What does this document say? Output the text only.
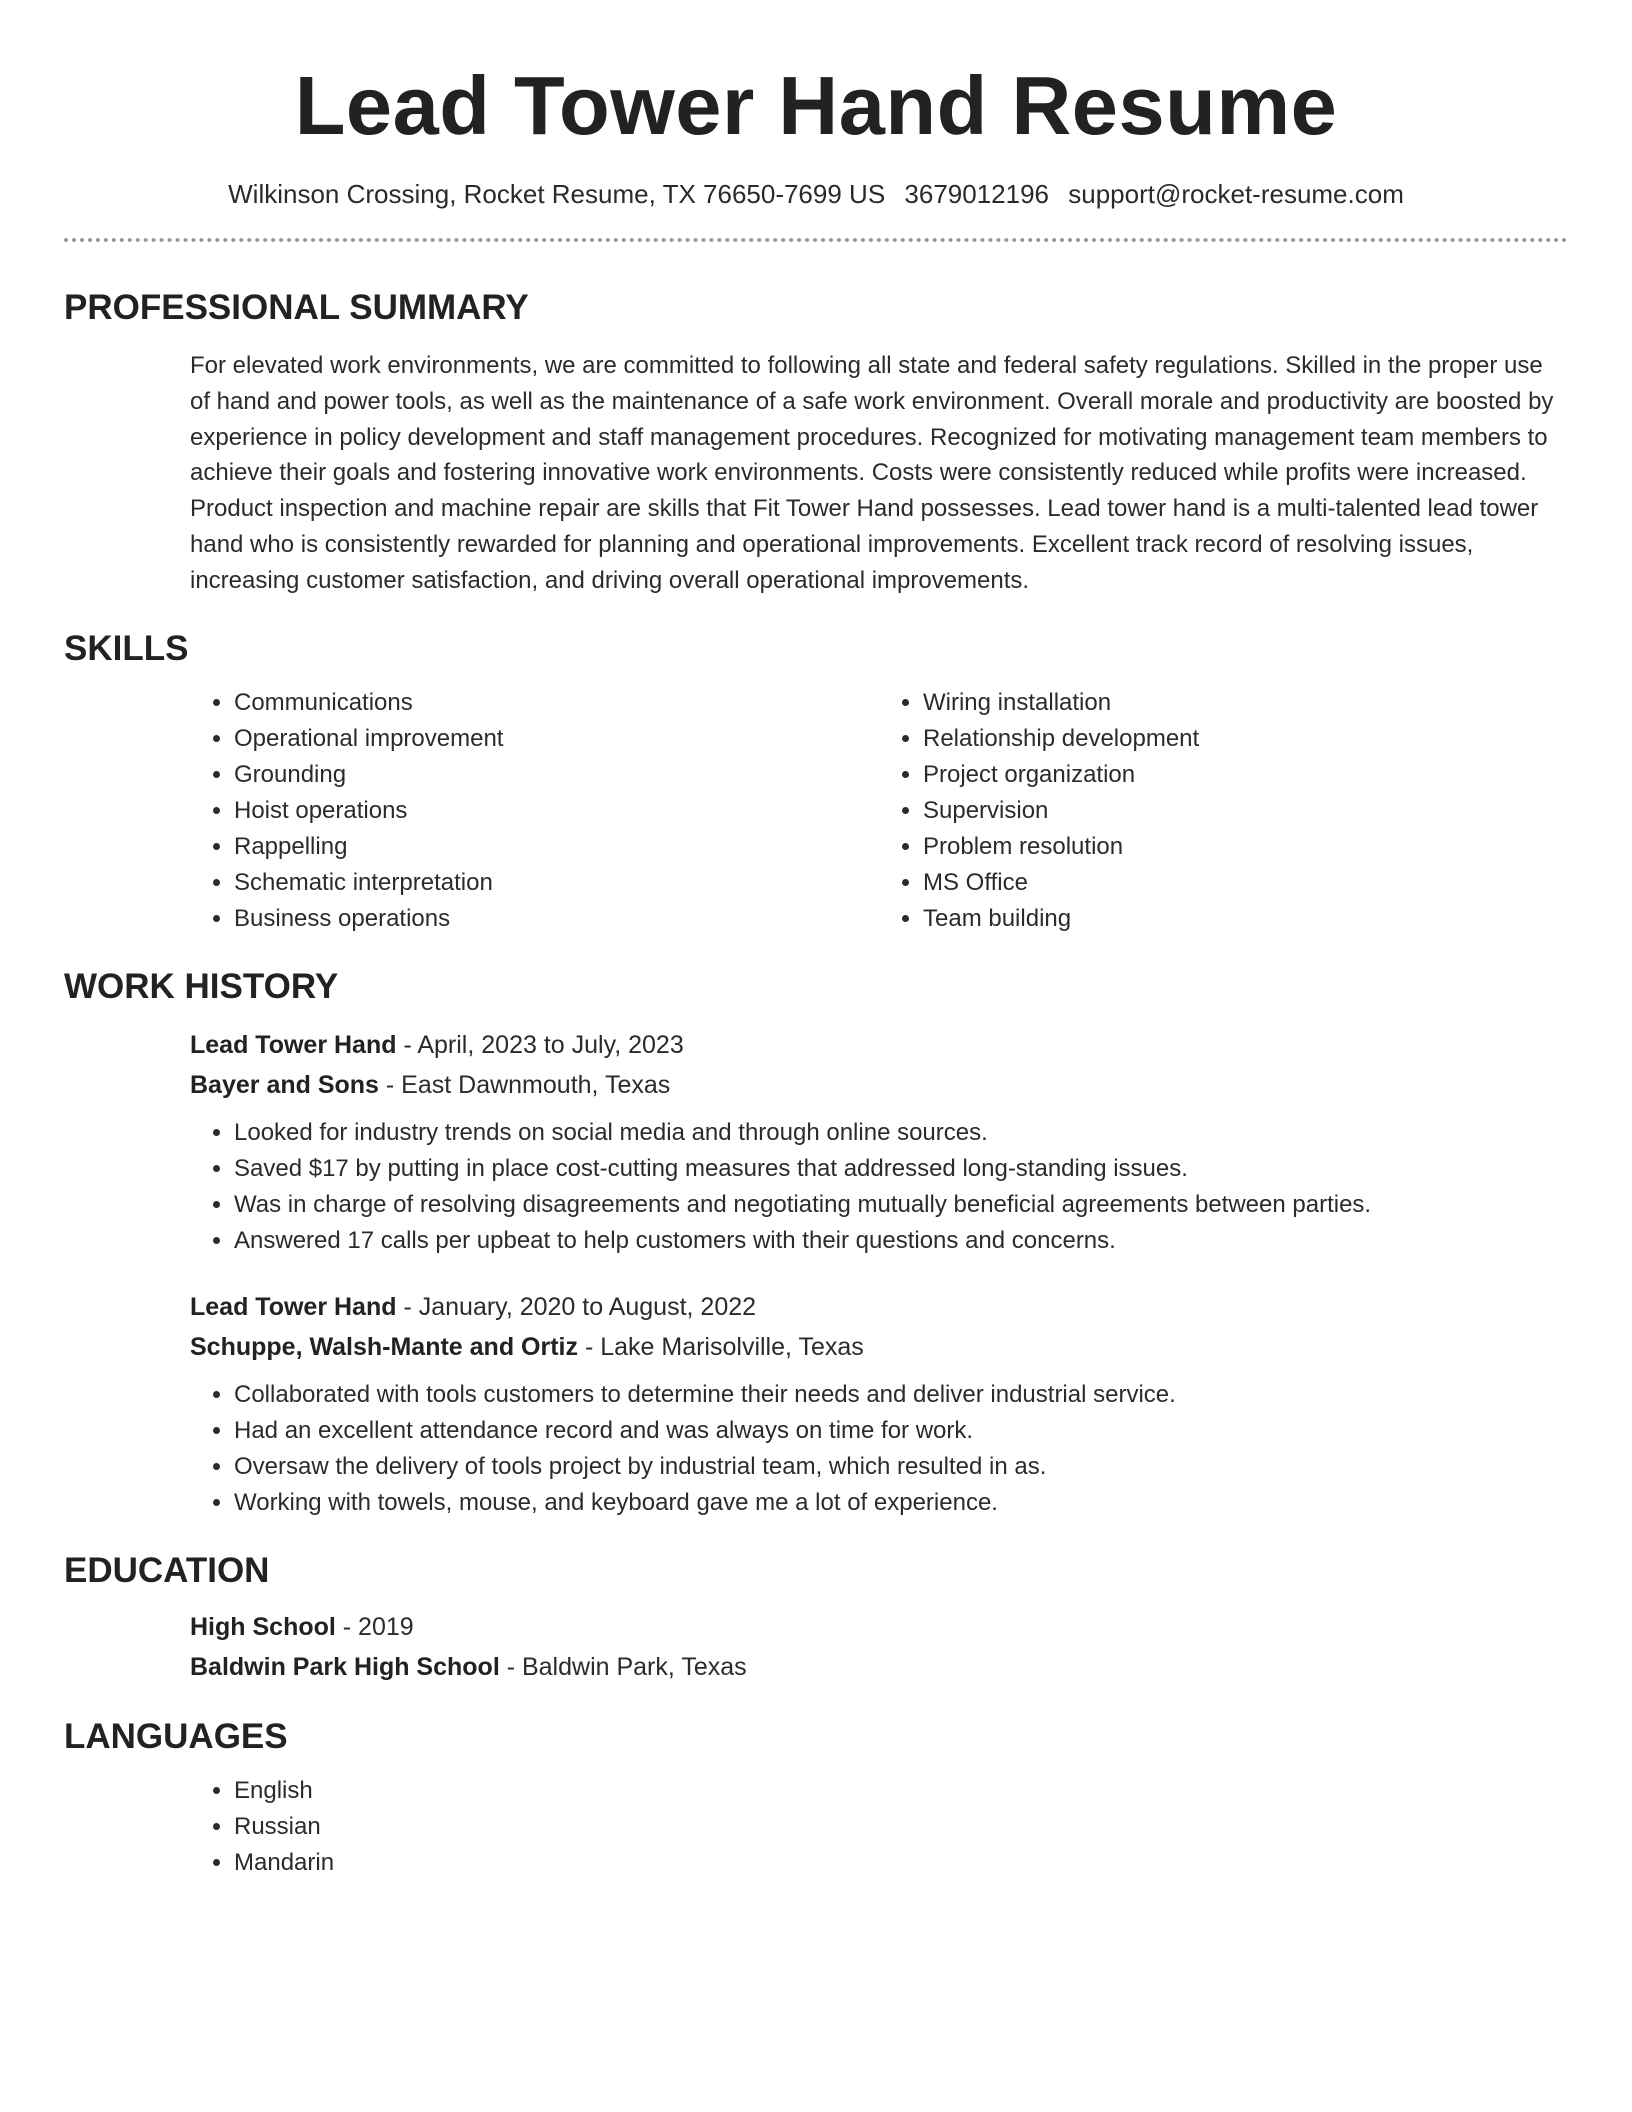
Lead Tower Hand Resume
Wilkinson Crossing, Rocket Resume, TX 76650-7699 US 3679012196 support@rocket-resume.com
PROFESSIONAL SUMMARY

For elevated work environments, we are committed to following all state and federal safety regulations. Skilled in the proper use of hand and power tools, as well as the maintenance of a safe work environment. Overall morale and productivity are boosted by experience in policy development and staff management procedures. Recognized for motivating management team members to achieve their goals and fostering innovative work environments. Costs were consistently reduced while profits were increased. Product inspection and machine repair are skills that Fit Tower Hand possesses. Lead tower hand is a multi-talented lead tower hand who is consistently rewarded for planning and operational improvements. Excellent track record of resolving issues, increasing customer satisfaction, and driving overall operational improvements.

SKILLS
• Communications
• Operational improvement
• Grounding
• Hoist operations
• Rappelling
• Schematic interpretation
• Business operations
• Wiring installation
• Relationship development
• Project organization
• Supervision
• Problem resolution
• MS Office
• Team building
WORK HISTORY
Lead Tower Hand - April, 2023 to July, 2023
Bayer and Sons - East Dawnmouth, Texas
• Looked for industry trends on social media and through online sources.
• Saved $17 by putting in place cost-cutting measures that addressed long-standing issues.
• Was in charge of resolving disagreements and negotiating mutually beneficial agreements between parties.
• Answered 17 calls per upbeat to help customers with their questions and concerns.
Lead Tower Hand - January, 2020 to August, 2022
Schuppe, Walsh-Mante and Ortiz - Lake Marisolville, Texas
• Collaborated with tools customers to determine their needs and deliver industrial service.
• Had an excellent attendance record and was always on time for work.
• Oversaw the delivery of tools project by industrial team, which resulted in as.
• Working with towels, mouse, and keyboard gave me a lot of experience.
EDUCATION
High School - 2019
Baldwin Park High School - Baldwin Park, Texas
LANGUAGES
• English
• Russian
• Mandarin
